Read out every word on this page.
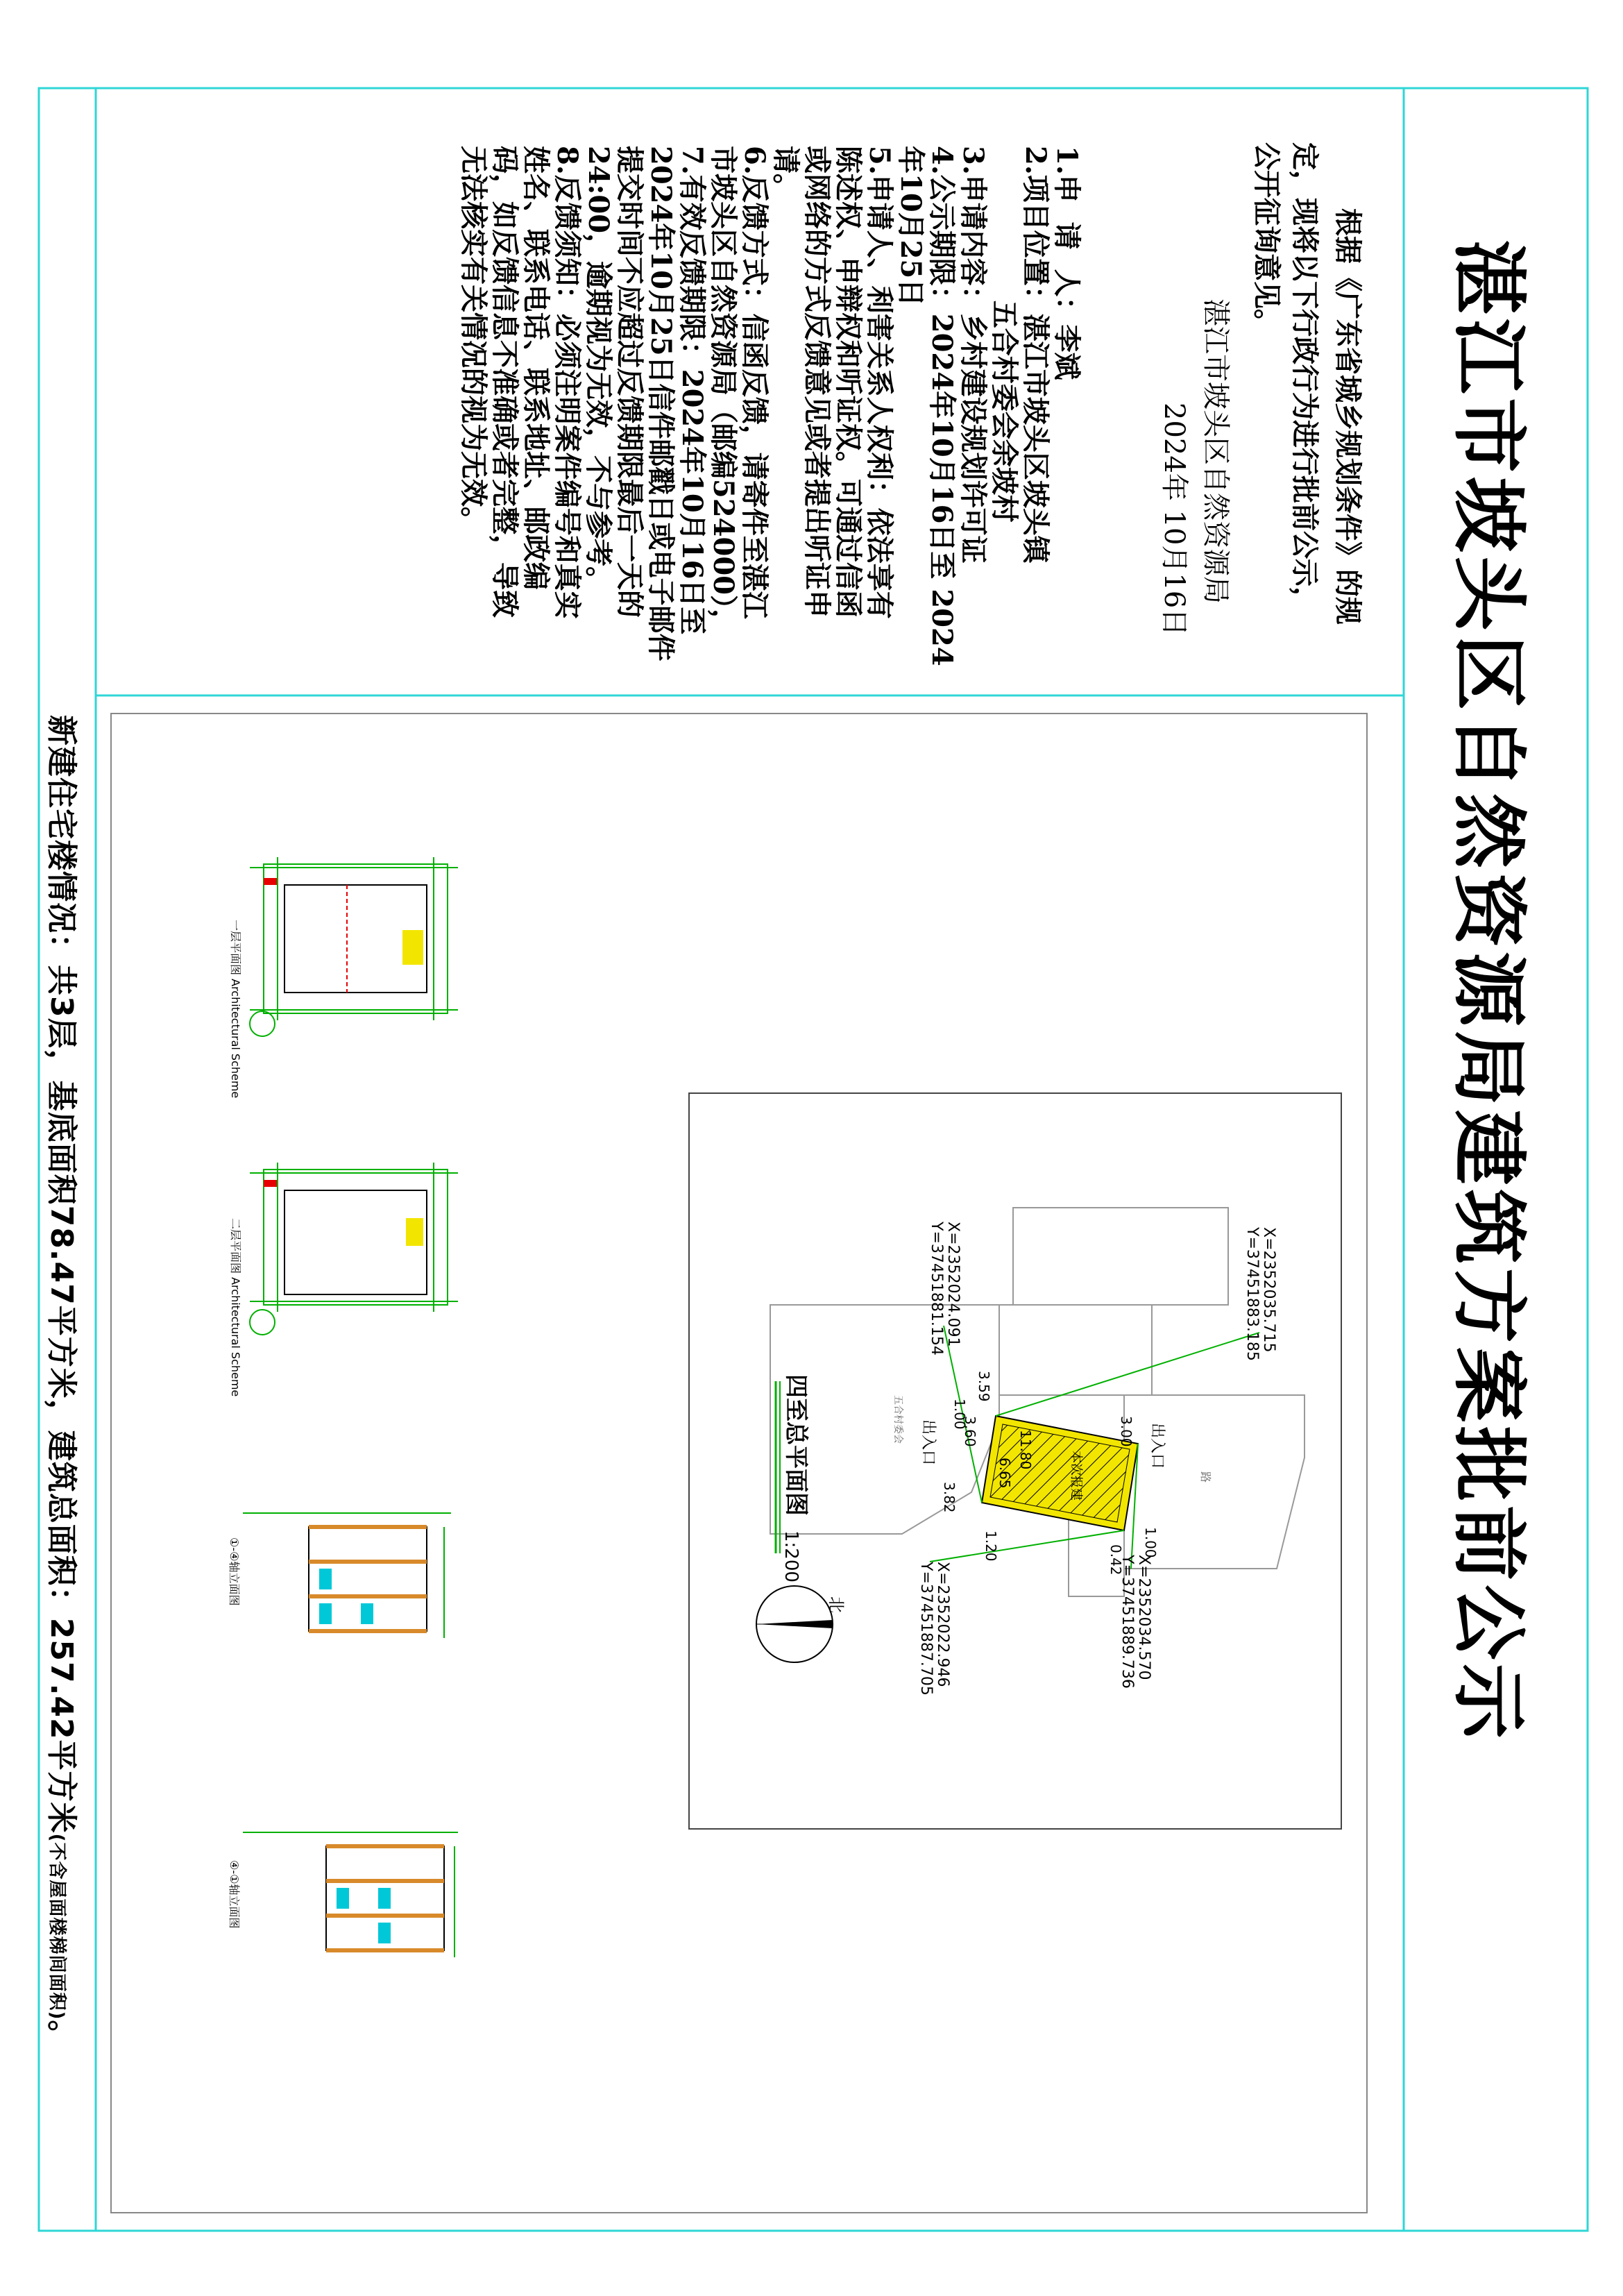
湛江市坡头区自然资源局建筑方案批前公示
根据《广东省城乡规划条件》的规
定，现将以下行政行为进行批前公示，
公开征询意见。
湛江市坡头区自然资源局
2024年 10月16日
1.申  请  人：李斌
2.项目位置：湛江市坡头区坡头镇
五合村委会余坡村
3.申请内容：乡村建设规划许可证
4.公示期限：2024年10月16日至 2024
年10月25日
5.申请人、利害关系人权利：依法享有
陈述权、申辩权和听证权。可通过信函
或网络的方式反馈意见或者提出听证申
请。
6.反馈方式：信函反馈，请寄件至湛江
市坡头区自然资源局（邮编524000），
7.有效反馈期限：2024年10月16日至
2024年10月25日信件邮戳日或电子邮件
提交时间不应超过反馈期限最后一天的
24:00，逾期视为无效，不与参考。
8.反馈须知：必须注明案件编号和真实
姓名、联系电话、联系地址、邮政编
码，如反馈信息不准确或者完整，导致
无法核实有关情况的视为无效。
新建住宅楼情况：共3层，基底面积78.47平方米，建筑总面积：257.42平方米(不含屋面楼梯间面积)。
四至总平面图
1:200
北
X=2352035.715
Y=37451883.185
X=2352024.091
Y=37451881.154
X=2352034.570
Y=37451889.736
X=2352022.946
Y=37451887.705
3.00
3.59
1.00
3.60	11.80
6.65
3.82
1.20	1.00
0.42
出入口
出入口
本次报建	路
五合村委会
一层平面图 Architectural Scheme
二层平面图 Architectural Scheme
①-④轴立面图
④-①轴立面图
